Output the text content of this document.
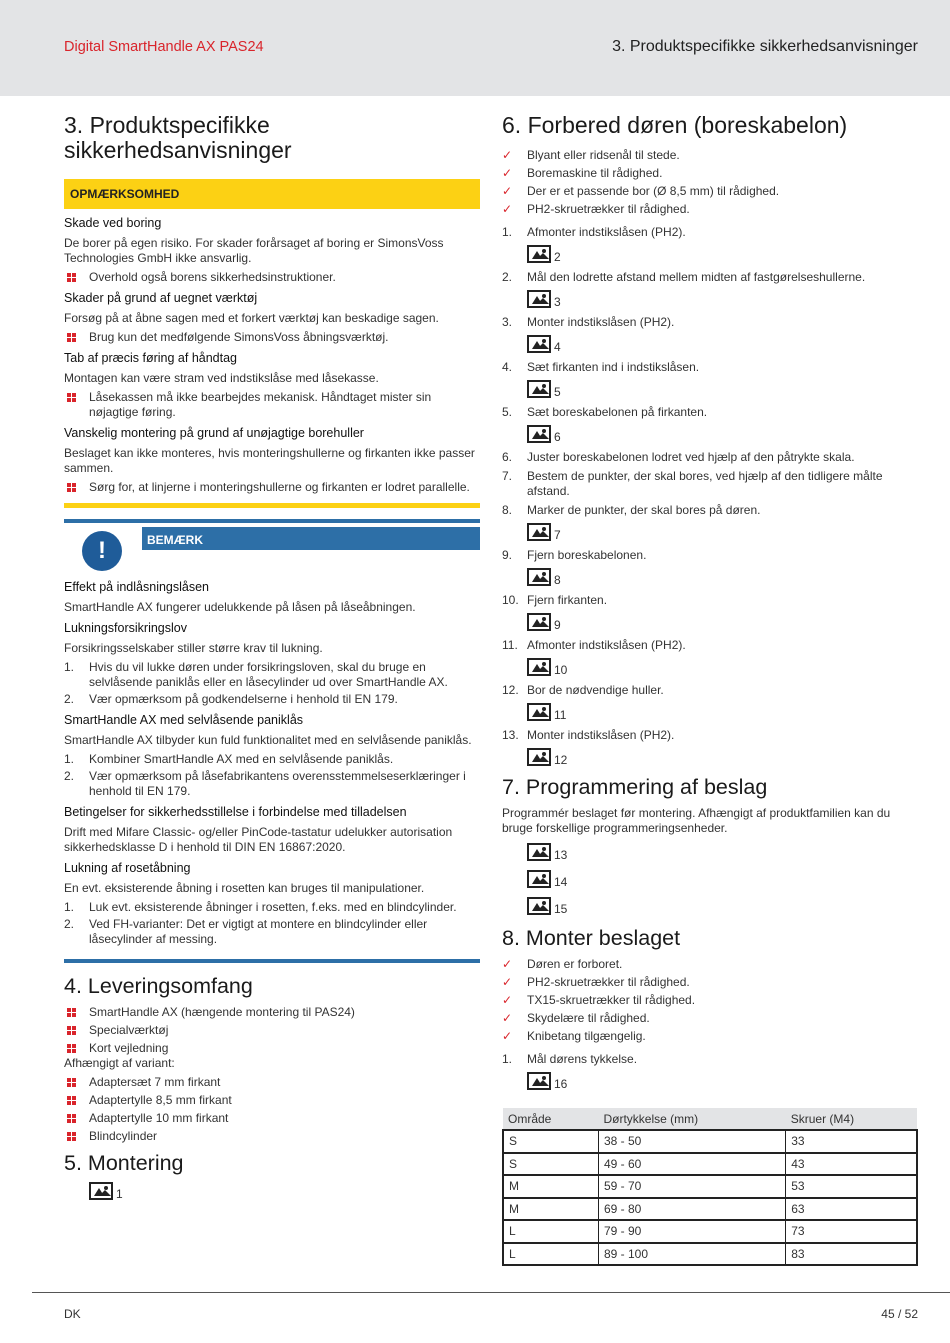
Digital SmartHandle AX PAS24	3. Produktspecifikke sikkerhedsanvisninger
3. Produktspecifikke sikkerhedsanvisninger
OPMÆRKSOMHED
Skade ved boring

De borer på egen risiko. For skader forårsaget af boring er SimonsVoss Technologies GmbH ikke ansvarlig.

Overhold også borens sikkerhedsinstruktioner.
Skader på grund af uegnet værktøj

Forsøg på at åbne sagen med et forkert værktøj kan beskadige sagen.

Brug kun det medfølgende SimonsVoss åbningsværktøj.
Tab af præcis føring af håndtag

Montagen kan være stram ved indstikslåse med låsekasse.

Låsekassen må ikke bearbejdes mekanisk. Håndtaget mister sin nøjagtige føring.
Vanskelig montering på grund af unøjagtige borehuller

Beslaget kan ikke monteres, hvis monteringshullerne og firkanten ikke passer sammen.

Sørg for, at linjerne i monteringshullerne og firkanten er lodret parallelle.
!	BEMÆRK
Effekt på indlåsningslåsen

SmartHandle AX fungerer udelukkende på låsen på låseåbningen.

Lukningsforsikringslov

Forsikringsselskaber stiller større krav til lukning.

1. Hvis du vil lukke døren under forsikringsloven, skal du bruge en selvlåsende paniklås eller en låsecylinder ud over SmartHandle AX.
2. Vær opmærksom på godkendelserne i henhold til EN 179.
SmartHandle AX med selvlåsende paniklås

SmartHandle AX tilbyder kun fuld funktionalitet med en selvlåsende paniklås.

1. Kombiner SmartHandle AX med en selvlåsende paniklås.
2. Vær opmærksom på låsefabrikantens overensstemmelseserklæringer i henhold til EN 179.
Betingelser for sikkerhedsstillelse i forbindelse med tilladelsen

Drift med Mifare Classic- og/eller PinCode-tastatur udelukker autorisation sikkerhedsklasse D i henhold til DIN EN 16867:2020.

Lukning af rosetåbning

En evt. eksisterende åbning i rosetten kan bruges til manipulationer.

1. Luk evt. eksisterende åbninger i rosetten, f.eks. med en blindcylinder.
2. Ved FH-varianter: Det er vigtigt at montere en blindcylinder eller låsecylinder af messing.
4. Leveringsomfang
SmartHandle AX (hængende montering til PAS24)
Specialværktøj
Kort vejledning

Afhængigt af variant:

Adaptersæt 7 mm firkant
Adaptertylle 8,5 mm firkant
Adaptertylle 10 mm firkant
Blindcylinder
5. Montering
1
6. Forbered døren (boreskabelon)
✓ Blyant eller ridsenål til stede.
✓ Boremaskine til rådighed.
✓ Der er et passende bor (Ø 8,5 mm) til rådighed.
✓ PH2-skruetrækker til rådighed.
1. Afmonter indstikslåsen (PH2).
2
2. Mål den lodrette afstand mellem midten af fastgørelseshullerne.
3
3. Monter indstikslåsen (PH2).
4
4. Sæt firkanten ind i indstikslåsen.
5
5. Sæt boreskabelonen på firkanten.
6
6. Juster boreskabelonen lodret ved hjælp af den påtrykte skala.
7. Bestem de punkter, der skal bores, ved hjælp af den tidligere målte afstand.
8. Marker de punkter, der skal bores på døren.
7
9. Fjern boreskabelonen.
8
10. Fjern firkanten.
9
11. Afmonter indstikslåsen (PH2).
10
12. Bor de nødvendige huller.
11
13. Monter indstikslåsen (PH2).
12
7. Programmering af beslag

Programmér beslaget før montering. Afhængigt af produktfamilien kan du bruge forskellige programmeringsenheder.

13
14
15
8. Monter beslaget
✓ Døren er forboret.
✓ PH2-skruetrækker til rådighed.
✓ TX15-skruetrækker til rådighed.
✓ Skydelære til rådighed.
✓ Knibetang tilgængelig.
1. Mål dørens tykkelse.
16
Område	Dørtykkelse (mm)	Skruer (M4)
S	38 - 50	33
S	49 - 60	43
M	59 - 70	53
M	69 - 80	63
L	79 - 90	73
L	89 - 100	83
DK	45 / 52
